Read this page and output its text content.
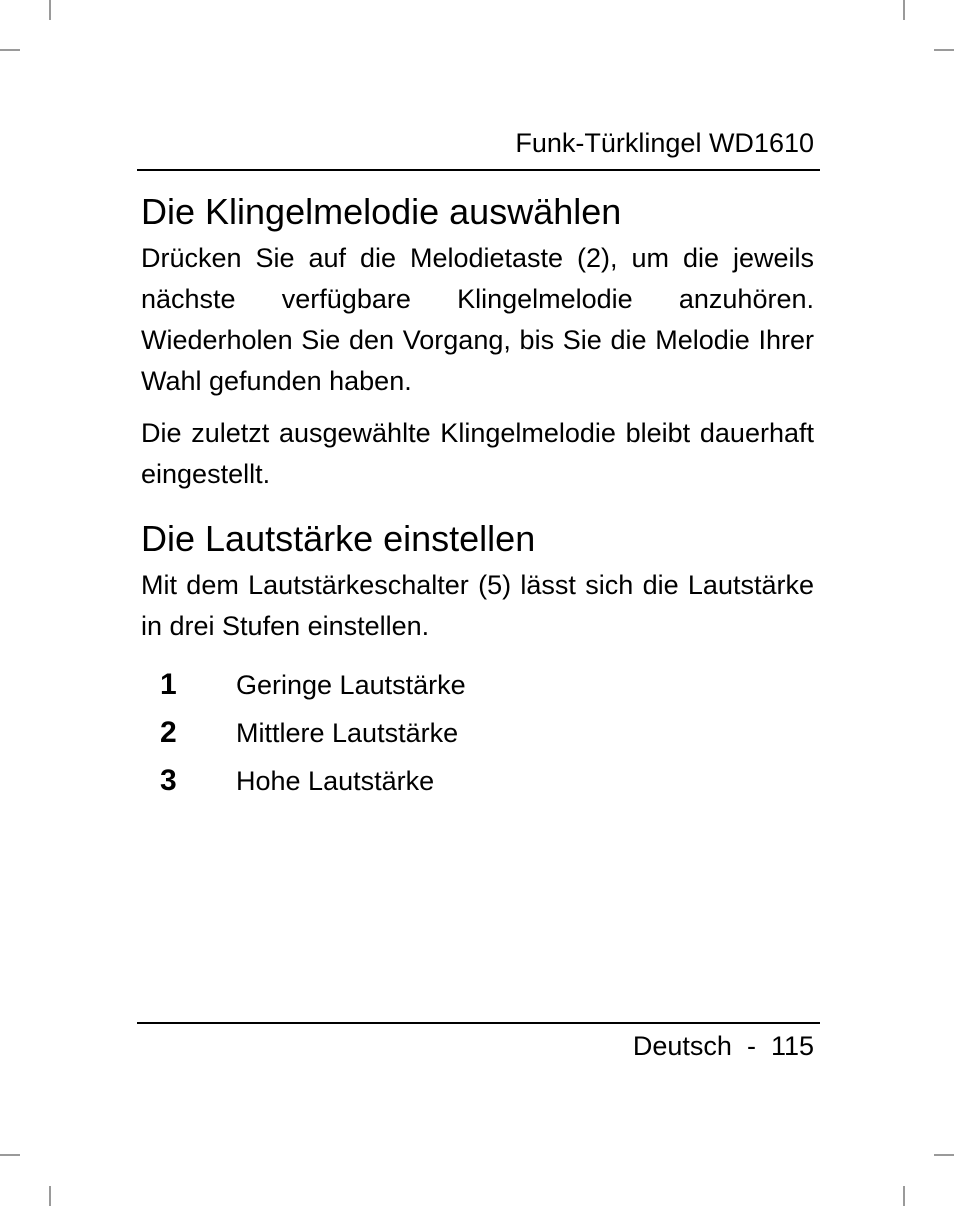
Funk-Türklingel WD1610
Die Klingelmelodie auswählen

Drücken Sie auf die Melodietaste (2), um die jeweils nächste verfügbare Klingelmelodie anzuhören. Wiederholen Sie den Vorgang, bis Sie die Melodie Ihrer Wahl gefunden haben.

Die zuletzt ausgewählte Klingelmelodie bleibt dauerhaft eingestellt.

Die Lautstärke einstellen

Mit dem Lautstärkeschalter (5) lässt sich die Lautstärke in drei Stufen einstellen.

1	Geringe Lautstärke
2	Mittlere Lautstärke
3	Hohe Lautstärke
Deutsch - 115
